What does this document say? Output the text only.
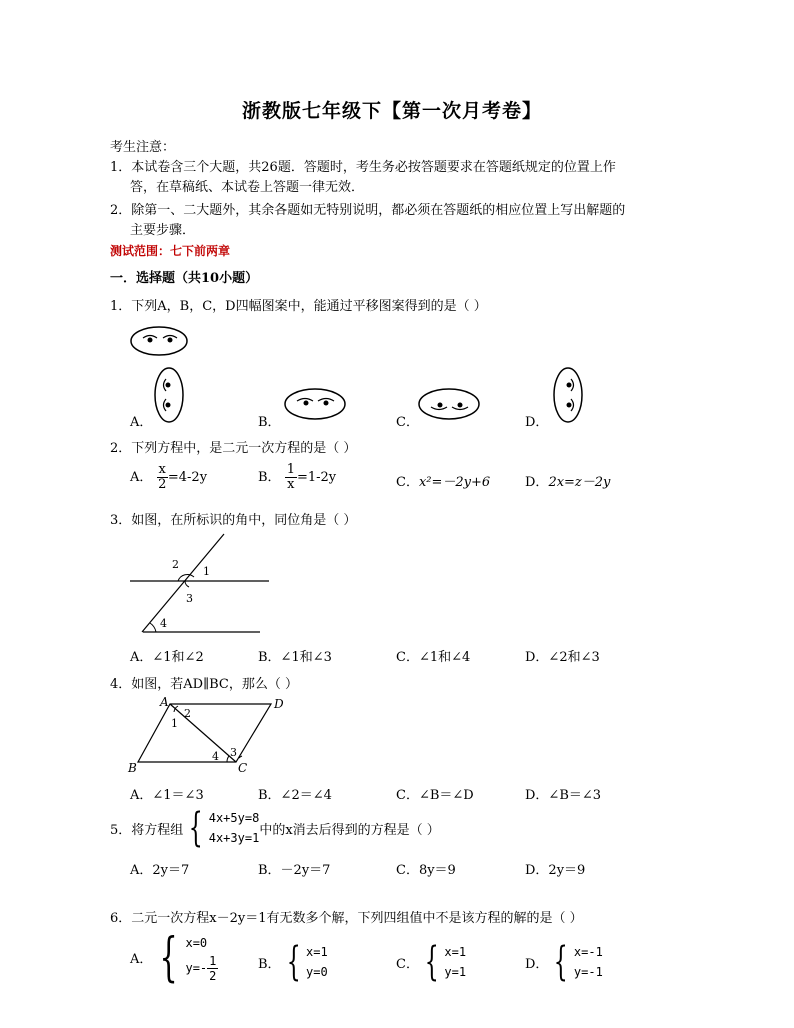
浙教版七年级下【第一次月考卷】
考生注意：
1．本试卷含三个大题，共26题．答题时，考生务必按答题要求在答题纸规定的位置上作
答，在草稿纸、本试卷上答题一律无效．
2．除第一、二大题外，其余各题如无特别说明，都必须在答题纸的相应位置上写出解题的
主要步骤．
测试范围：七下前两章
一．选择题（共10小题）
1．下列A，B，C，D四幅图案中，能通过平移图案得到的是（ ）
A．	B．	C．	D．
2．下列方程中，是二元一次方程的是（ ）
A． $\frac{x}{2} =4-2y$	B． $\frac{1}{x} =1-2y$	C．x²=－2y+6	D．2x=z－2y
3．如图，在所标识的角中，同位角是（ ）
2
1
3
4
A．∠1和∠2	B．∠1和∠3	C．∠1和∠4	D．∠2和∠3
4．如图，若AD∥BC，那么（ ）
A	D
B	C
1
2
3
4
A．∠1＝∠3	B．∠2＝∠4	C．∠B＝∠D	D．∠B＝∠3
5．将方程组 { 4x+5y=8
4x+3y=1
中的x消去后得到的方程是（ ）
A．2y＝7	B．－2y＝7	C．8y＝9	D．2y＝9
6．二元一次方程x－2y＝1有无数多个解，下列四组值中不是该方程的解的是（ ）
A． { x=0
$y=- \frac{1}{2}$	B． { x=1
y=0
C． { x=1
y=1
D． { x=-1
y=-1
